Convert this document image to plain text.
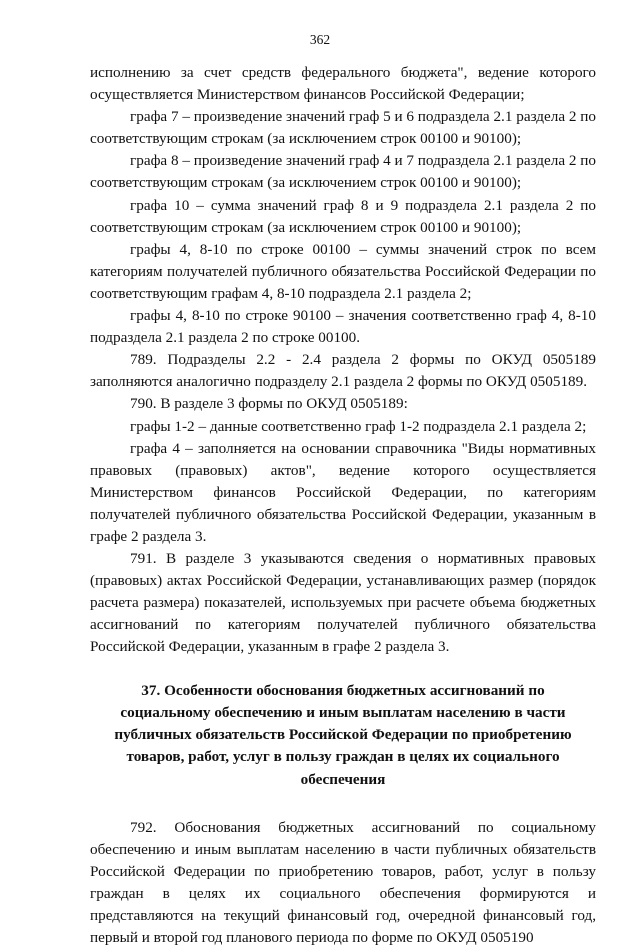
362

исполнению за счет средств федерального бюджета", ведение которого осуществляется Министерством финансов Российской Федерации;

графа 7 – произведение значений граф 5 и 6 подраздела 2.1 раздела 2 по соответствующим строкам (за исключением строк 00100 и 90100);

графа 8 – произведение значений граф 4 и 7 подраздела 2.1 раздела 2 по соответствующим строкам (за исключением строк 00100 и 90100);

графа 10 – сумма значений граф 8 и 9 подраздела 2.1 раздела 2 по соответствующим строкам (за исключением строк 00100 и 90100);

графы 4, 8-10 по строке 00100 – суммы значений строк по всем категориям получателей публичного обязательства Российской Федерации по соответствующим графам 4, 8-10 подраздела 2.1 раздела 2;

графы 4, 8-10 по строке 90100 – значения соответственно граф 4, 8-10 подраздела 2.1 раздела 2 по строке 00100.

789. Подразделы 2.2 - 2.4 раздела 2 формы по ОКУД 0505189 заполняются аналогично подразделу 2.1 раздела 2 формы по ОКУД 0505189.

790. В разделе 3 формы по ОКУД 0505189:

графы 1-2 – данные соответственно граф 1-2 подраздела 2.1 раздела 2;

графа 4 – заполняется на основании справочника "Виды нормативных правовых (правовых) актов", ведение которого осуществляется Министерством финансов Российской Федерации, по категориям получателей публичного обязательства Российской Федерации, указанным в графе 2 раздела 3.

791. В разделе 3 указываются сведения о нормативных правовых (правовых) актах Российской Федерации, устанавливающих размер (порядок расчета размера) показателей, используемых при расчете объема бюджетных ассигнований по категориям получателей публичного обязательства Российской Федерации, указанным в графе 2 раздела 3.

37. Особенности обоснования бюджетных ассигнований по
социальному обеспечению и иным выплатам населению в части
публичных обязательств Российской Федерации по приобретению
товаров, работ, услуг в пользу граждан в целях их социального
обеспечения

792. Обоснования бюджетных ассигнований по социальному обеспечению и иным выплатам населению в части публичных обязательств Российской Федерации по приобретению товаров, работ, услуг в пользу граждан в целях их социального обеспечения формируются и представляются на текущий финансовый год, очередной финансовый год, первый и второй год планового периода по форме по ОКУД 0505190
